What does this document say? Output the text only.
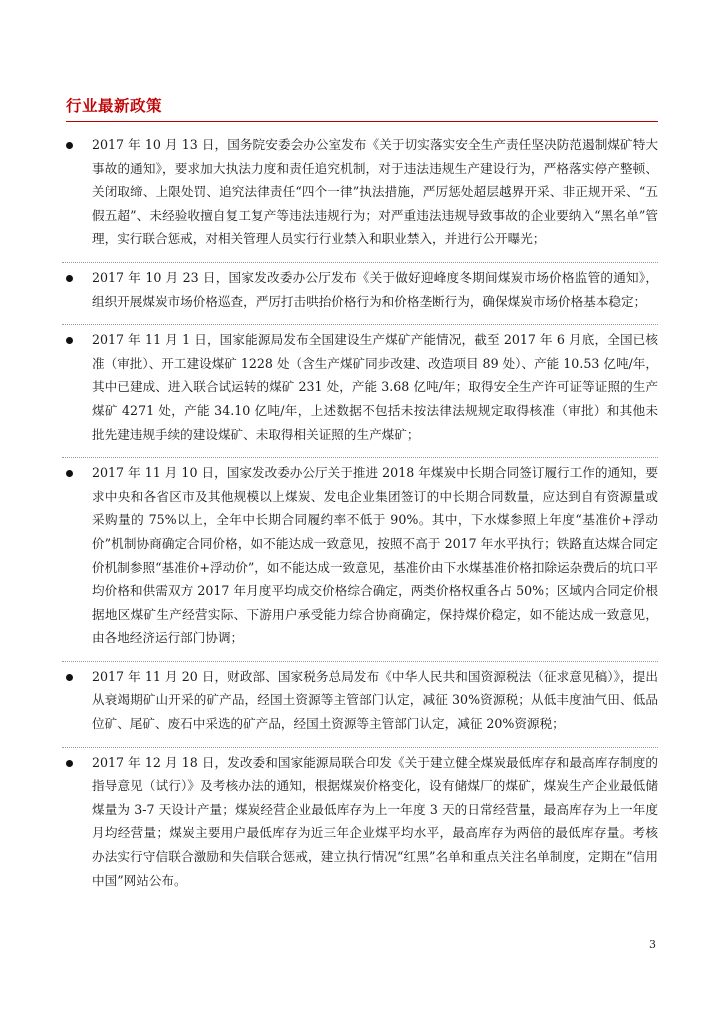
行业最新政策

2017 年 10 月 13 日，国务院安委会办公室发布《关于切实落实安全生产责任坚决防范遏制煤矿特大事故的通知》，要求加大执法力度和责任追究机制，对于违法违规生产建设行为，严格落实停产整顿、关闭取缔、上限处罚、追究法律责任“四个一律”执法措施，严厉惩处超层越界开采、非正规开采、“五假五超”、未经验收擅自复工复产等违法违规行为；对严重违法违规导致事故的企业要纳入“黑名单”管理，实行联合惩戒，对相关管理人员实行行业禁入和职业禁入，并进行公开曝光；

2017 年 10 月 23 日，国家发改委办公厅发布《关于做好迎峰度冬期间煤炭市场价格监管的通知》，组织开展煤炭市场价格巡查，严厉打击哄抬价格行为和价格垄断行为，确保煤炭市场价格基本稳定；

2017 年 11 月 1 日，国家能源局发布全国建设生产煤矿产能情况，截至 2017 年 6 月底，全国已核准（审批）、开工建设煤矿 1228 处（含生产煤矿同步改建、改造项目 89 处）、产能 10.53 亿吨/年，其中已建成、进入联合试运转的煤矿 231 处，产能 3.68 亿吨/年；取得安全生产许可证等证照的生产煤矿 4271 处，产能 34.10 亿吨/年，上述数据不包括未按法律法规规定取得核准（审批）和其他未批先建违规手续的建设煤矿、未取得相关证照的生产煤矿；

2017 年 11 月 10 日，国家发改委办公厅关于推进 2018 年煤炭中长期合同签订履行工作的通知，要求中央和各省区市及其他规模以上煤炭、发电企业集团签订的中长期合同数量，应达到自有资源量或采购量的 75%以上，全年中长期合同履约率不低于 90%。其中，下水煤参照上年度“基准价+浮动价”机制协商确定合同价格，如不能达成一致意见，按照不高于 2017 年水平执行；铁路直达煤合同定价机制参照“基准价+浮动价”，如不能达成一致意见，基准价由下水煤基准价格扣除运杂费后的坑口平均价格和供需双方 2017 年月度平均成交价格综合确定，两类价格权重各占 50%；区域内合同定价根据地区煤矿生产经营实际、下游用户承受能力综合协商确定，保持煤价稳定，如不能达成一致意见，由各地经济运行部门协调；

2017 年 11 月 20 日，财政部、国家税务总局发布《中华人民共和国资源税法（征求意见稿）》，提出从衰竭期矿山开采的矿产品，经国土资源等主管部门认定，减征 30%资源税；从低丰度油气田、低品位矿、尾矿、废石中采选的矿产品，经国土资源等主管部门认定，减征 20%资源税；

2017 年 12 月 18 日，发改委和国家能源局联合印发《关于建立健全煤炭最低库存和最高库存制度的指导意见（试行）》及考核办法的通知，根据煤炭价格变化，设有储煤厂的煤矿，煤炭生产企业最低储煤量为 3-7 天设计产量；煤炭经营企业最低库存为上一年度 3 天的日常经营量，最高库存为上一年度月均经营量；煤炭主要用户最低库存为近三年企业煤平均水平，最高库存为两倍的最低库存量。考核办法实行守信联合激励和失信联合惩戒，建立执行情况“红黑”名单和重点关注名单制度，定期在“信用中国”网站公布。

3
